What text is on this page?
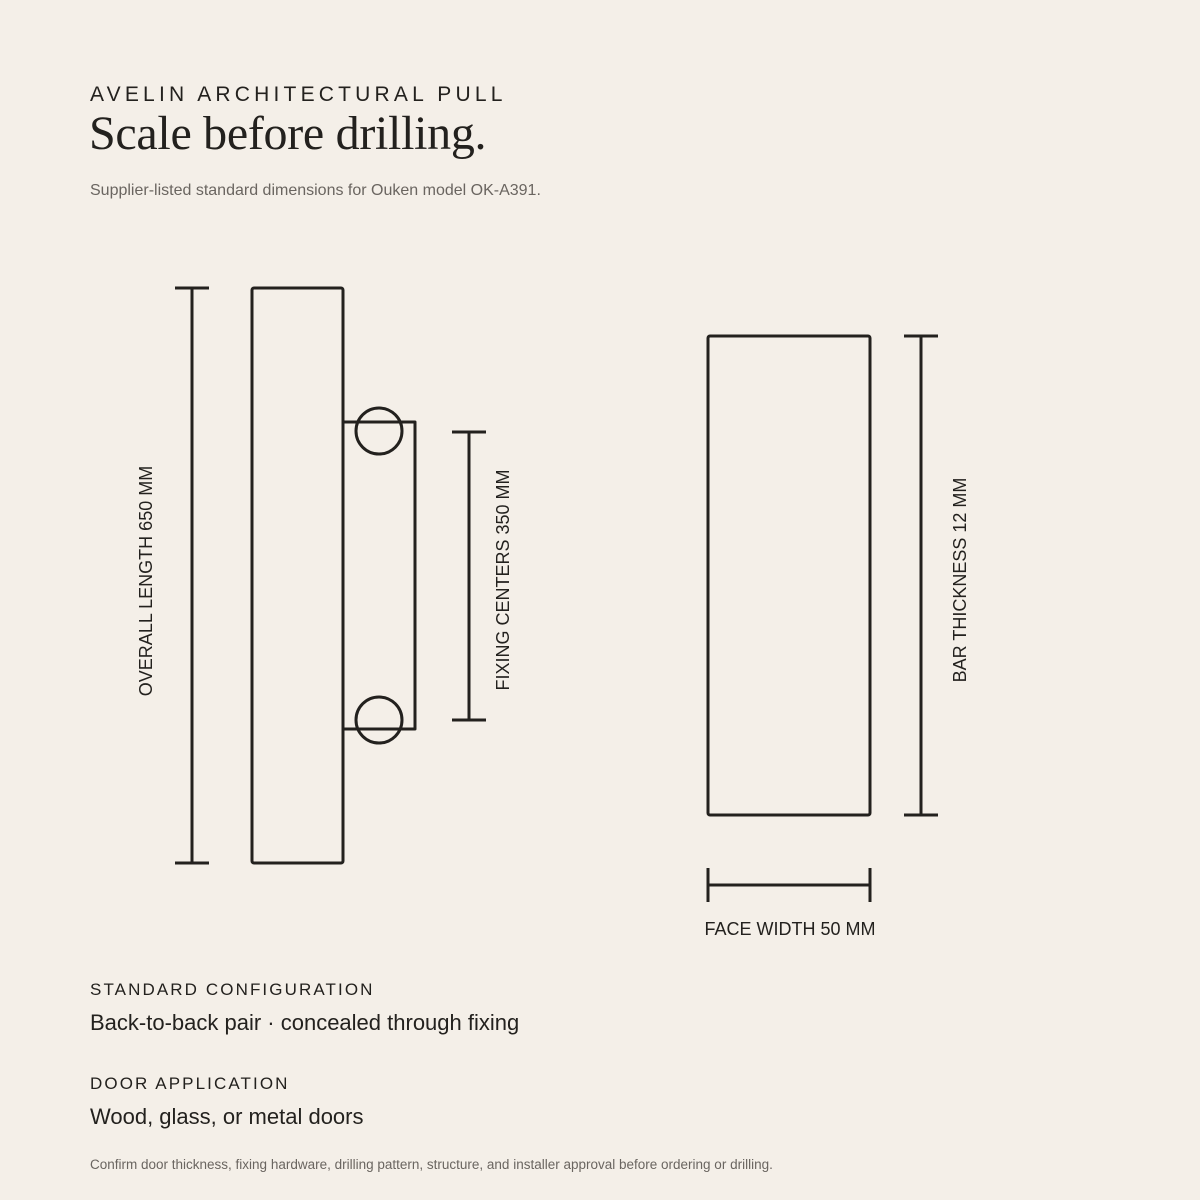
AVELIN ARCHITECTURAL PULL
Scale before drilling.
Supplier-listed standard dimensions for Ouken model OK-A391.
OVERALL LENGTH 650 MM	FIXING CENTERS 350 MM	BAR THICKNESS 12 MM
FACE WIDTH 50 MM
STANDARD CONFIGURATION
Back-to-back pair · concealed through fixing
DOOR APPLICATION
Wood, glass, or metal doors
Confirm door thickness, fixing hardware, drilling pattern, structure, and installer approval before ordering or drilling.
